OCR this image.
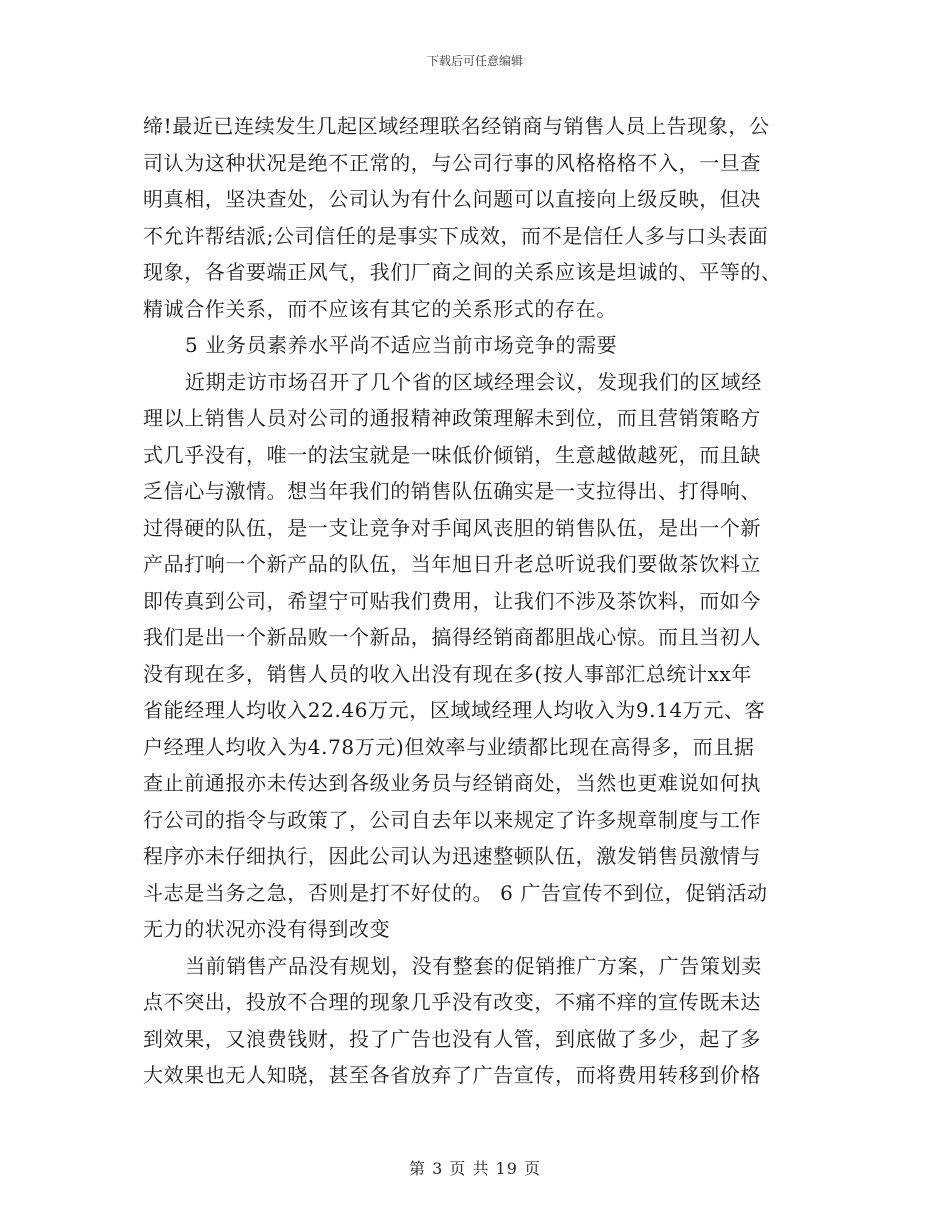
下载后可任意编辑
缔!最近已连续发生几起区域经理联名经销商与销售人员上告现象，公
司认为这种状况是绝不正常的，与公司行事的风格格格不入，一旦查
明真相，坚决查处，公司认为有什么问题可以直接向上级反映，但决
不允许帮结派;公司信任的是事实下成效，而不是信任人多与口头表面
现象，各省要端正风气，我们厂商之间的关系应该是坦诚的、平等的、
精诚合作关系，而不应该有其它的关系形式的存在。
5 业务员素养水平尚不适应当前市场竞争的需要
近期走访市场召开了几个省的区域经理会议，发现我们的区域经
理以上销售人员对公司的通报精神政策理解未到位，而且营销策略方
式几乎没有，唯一的法宝就是一味低价倾销，生意越做越死，而且缺
乏信心与激情。想当年我们的销售队伍确实是一支拉得出、打得响、
过得硬的队伍，是一支让竞争对手闻风丧胆的销售队伍，是出一个新
产品打响一个新产品的队伍，当年旭日升老总听说我们要做茶饮料立
即传真到公司，希望宁可贴我们费用，让我们不涉及茶饮料，而如今
我们是出一个新品败一个新品，搞得经销商都胆战心惊。而且当初人
没有现在多，销售人员的收入出没有现在多(按人事部汇总统计xx年
省能经理人均收入22.46万元，区域域经理人均收入为9.14万元、客
户经理人均收入为4.78万元)但效率与业绩都比现在高得多，而且据
查止前通报亦未传达到各级业务员与经销商处，当然也更难说如何执
行公司的指令与政策了，公司自去年以来规定了许多规章制度与工作
程序亦未仔细执行，因此公司认为迅速整顿队伍，激发销售员激情与
斗志是当务之急，否则是打不好仗的。 6 广告宣传不到位，促销活动
无力的状况亦没有得到改变
当前销售产品没有规划，没有整套的促销推广方案，广告策划卖
点不突出，投放不合理的现象几乎没有改变，不痛不痒的宣传既未达
到效果，又浪费钱财，投了广告也没有人管，到底做了多少，起了多
大效果也无人知晓，甚至各省放弃了广告宣传，而将费用转移到价格
第 3 页 共 19 页
